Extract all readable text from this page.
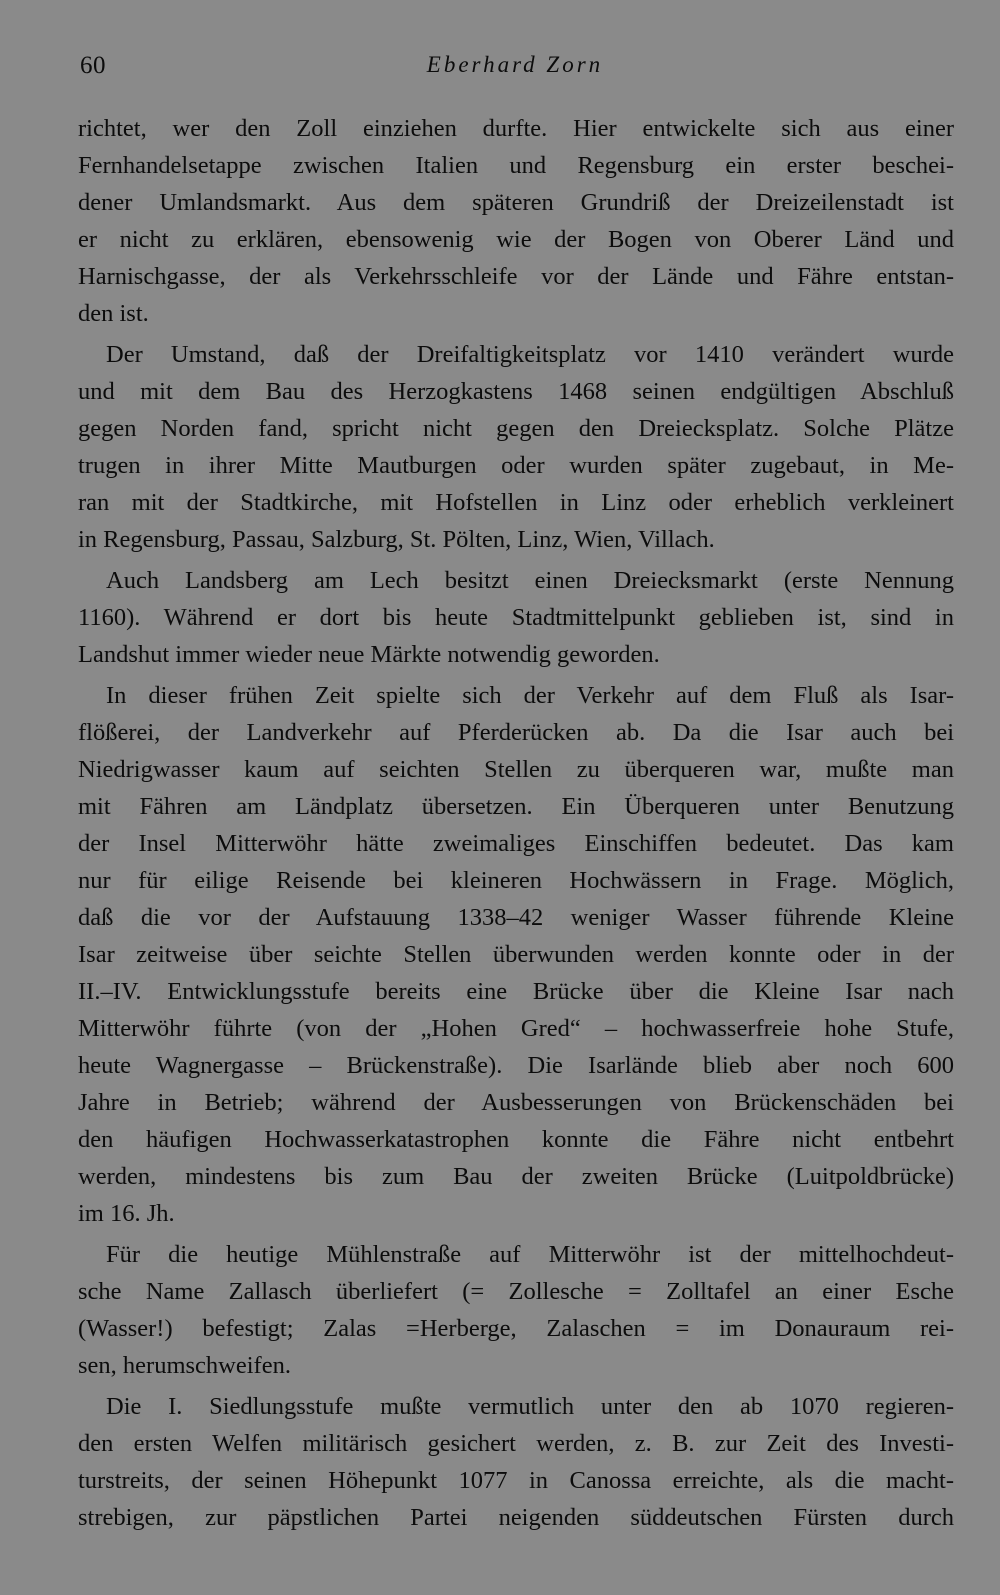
60	Eberhard Zorn
richtet, wer den Zoll einziehen durfte. Hier entwickelte sich aus einer
Fernhandelsetappe zwischen Italien und Regensburg ein erster beschei-
dener Umlandsmarkt. Aus dem späteren Grundriß der Dreizeilenstadt ist
er nicht zu erklären, ebensowenig wie der Bogen von Oberer Länd und
Harnischgasse, der als Verkehrsschleife vor der Lände und Fähre entstan-
den ist.
Der Umstand, daß der Dreifaltigkeitsplatz vor 1410 verändert wurde
und mit dem Bau des Herzogkastens 1468 seinen endgültigen Abschluß
gegen Norden fand, spricht nicht gegen den Dreiecksplatz. Solche Plätze
trugen in ihrer Mitte Mautburgen oder wurden später zugebaut, in Me-
ran mit der Stadtkirche, mit Hofstellen in Linz oder erheblich verkleinert
in Regensburg, Passau, Salzburg, St. Pölten, Linz, Wien, Villach.
Auch Landsberg am Lech besitzt einen Dreiecksmarkt (erste Nennung
1160). Während er dort bis heute Stadtmittelpunkt geblieben ist, sind in
Landshut immer wieder neue Märkte notwendig geworden.
In dieser frühen Zeit spielte sich der Verkehr auf dem Fluß als Isar-
flößerei, der Landverkehr auf Pferderücken ab. Da die Isar auch bei
Niedrigwasser kaum auf seichten Stellen zu überqueren war, mußte man
mit Fähren am Ländplatz übersetzen. Ein Überqueren unter Benutzung
der Insel Mitterwöhr hätte zweimaliges Einschiffen bedeutet. Das kam
nur für eilige Reisende bei kleineren Hochwässern in Frage. Möglich,
daß die vor der Aufstauung 1338–42 weniger Wasser führende Kleine
Isar zeitweise über seichte Stellen überwunden werden konnte oder in der
II.–IV. Entwicklungsstufe bereits eine Brücke über die Kleine Isar nach
Mitterwöhr führte (von der „Hohen Gred“ – hochwasserfreie hohe Stufe,
heute Wagnergasse – Brückenstraße). Die Isarlände blieb aber noch 600
Jahre in Betrieb; während der Ausbesserungen von Brückenschäden bei
den häufigen Hochwasserkatastrophen konnte die Fähre nicht entbehrt
werden, mindestens bis zum Bau der zweiten Brücke (Luitpoldbrücke)
im 16. Jh.
Für die heutige Mühlenstraße auf Mitterwöhr ist der mittelhochdeut-
sche Name Zallasch überliefert (= Zollesche = Zolltafel an einer Esche
(Wasser!) befestigt; Zalas =Herberge, Zalaschen = im Donauraum rei-
sen, herumschweifen.
Die I. Siedlungsstufe mußte vermutlich unter den ab 1070 regieren-
den ersten Welfen militärisch gesichert werden, z. B. zur Zeit des Investi-
turstreits, der seinen Höhepunkt 1077 in Canossa erreichte, als die macht-
strebigen, zur päpstlichen Partei neigenden süddeutschen Fürsten durch
